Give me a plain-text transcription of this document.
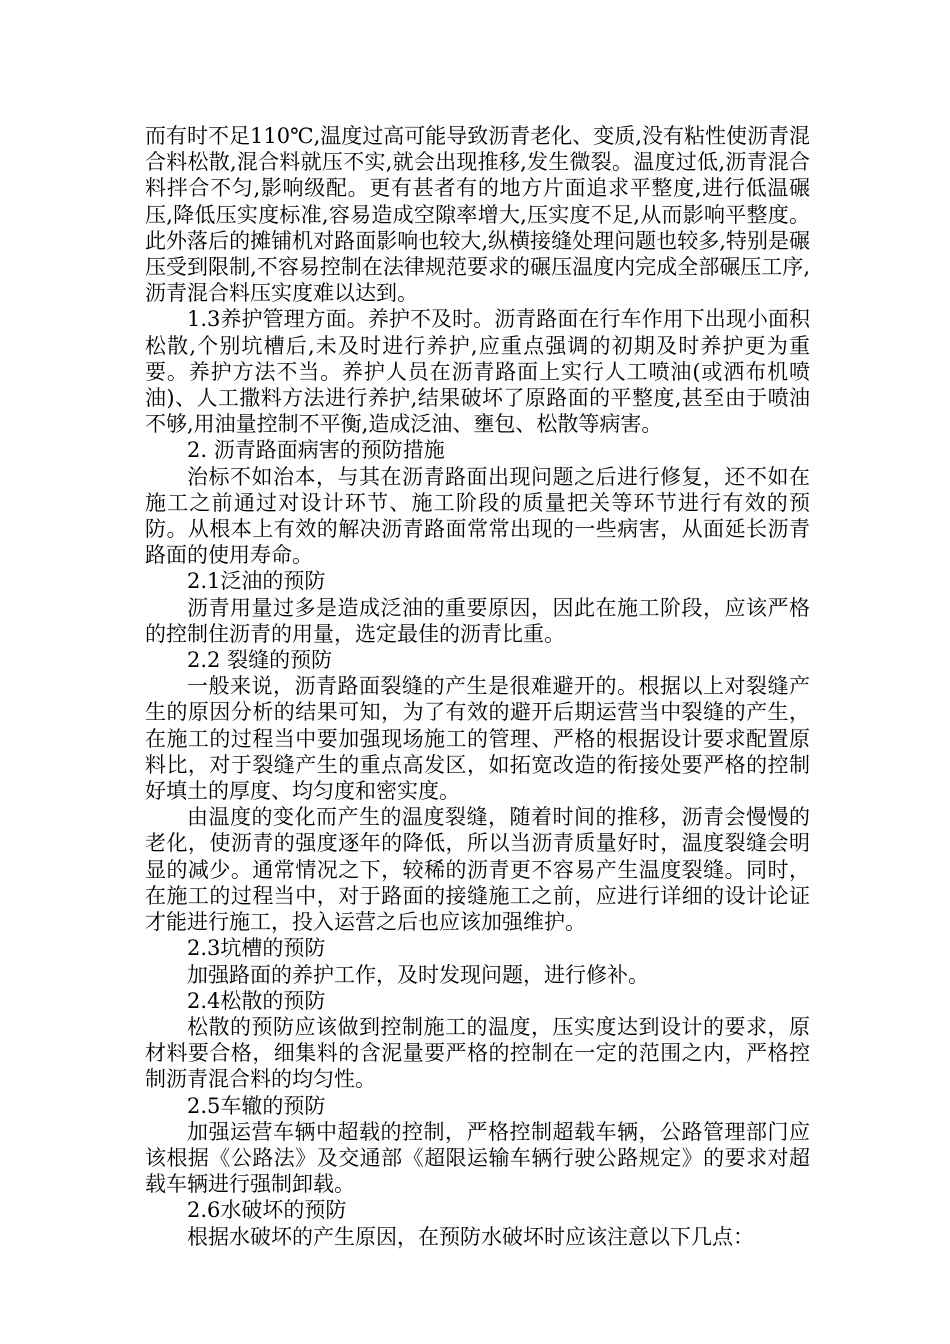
而有时不足110℃,温度过高可能导致沥青老化、变质,没有粘性使沥青混合料松散,混合料就压不实,就会出现推移,发生微裂。温度过低,沥青混合料拌合不匀,影响级配。更有甚者有的地方片面追求平整度,进行低温碾压,降低压实度标准,容易造成空隙率增大,压实度不足,从而影响平整度。此外落后的摊铺机对路面影响也较大,纵横接缝处理问题也较多,特别是碾压受到限制,不容易控制在法律规范要求的碾压温度内完成全部碾压工序,沥青混合料压实度难以达到。

1.3养护管理方面。养护不及时。沥青路面在行车作用下出现小面积松散,个别坑槽后,未及时进行养护,应重点强调的初期及时养护更为重要。养护方法不当。养护人员在沥青路面上实行人工喷油(或洒布机喷油)、人工撒料方法进行养护,结果破坏了原路面的平整度,甚至由于喷油不够,用油量控制不平衡,造成泛油、壅包、松散等病害。

2. 沥青路面病害的预防措施

治标不如治本，与其在沥青路面出现问题之后进行修复，还不如在施工之前通过对设计环节、施工阶段的质量把关等环节进行有效的预防。从根本上有效的解决沥青路面常常出现的一些病害，从面延长沥青路面的使用寿命。

2.1泛油的预防

沥青用量过多是造成泛油的重要原因，因此在施工阶段，应该严格的控制住沥青的用量，选定最佳的沥青比重。

2.2 裂缝的预防

一般来说，沥青路面裂缝的产生是很难避开的。根据以上对裂缝产生的原因分析的结果可知，为了有效的避开后期运营当中裂缝的产生，在施工的过程当中要加强现场施工的管理、严格的根据设计要求配置原料比，对于裂缝产生的重点高发区，如拓宽改造的衔接处要严格的控制好填土的厚度、均匀度和密实度。

由温度的变化而产生的温度裂缝，随着时间的推移，沥青会慢慢的老化，使沥青的强度逐年的降低，所以当沥青质量好时，温度裂缝会明显的减少。通常情况之下，较稀的沥青更不容易产生温度裂缝。同时，在施工的过程当中，对于路面的接缝施工之前，应进行详细的设计论证才能进行施工，投入运营之后也应该加强维护。

2.3坑槽的预防

加强路面的养护工作，及时发现问题，进行修补。

2.4松散的预防

松散的预防应该做到控制施工的温度，压实度达到设计的要求，原材料要合格，细集料的含泥量要严格的控制在一定的范围之内，严格控制沥青混合料的均匀性。

2.5车辙的预防

加强运营车辆中超载的控制，严格控制超载车辆，公路管理部门应该根据《公路法》及交通部《超限运输车辆行驶公路规定》的要求对超载车辆进行强制卸载。

2.6水破坏的预防

根据水破坏的产生原因，在预防水破坏时应该注意以下几点：
